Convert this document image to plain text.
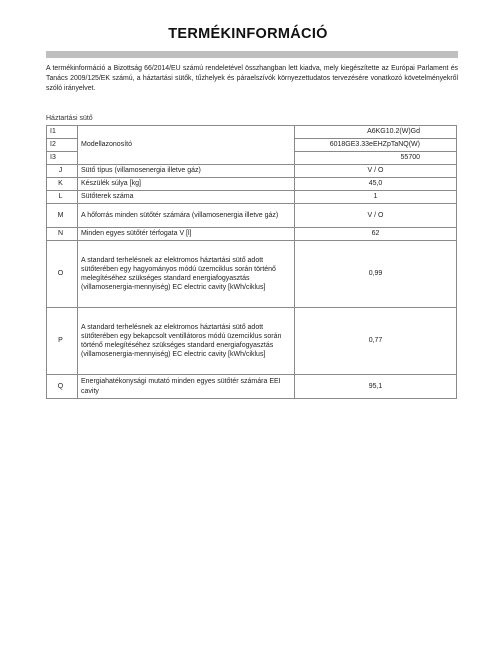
TERMÉKINFORMÁCIÓ
A termékinformáció a Bizottság 66/2014/EU számú rendeletével összhangban lett kiadva, mely kiegészítette az Európai Parlament és Tanács 2009/125/EK számú, a háztartási sütők, tűzhelyek és páraelszívók környezettudatos tervezésére vonatkozó követelményekről szóló irányelvet.
Háztartási sütő
I1	Modellazonosító	A6KG10.2(W)Gd
I2		6018GE3.33eEHZpTaNQ(W)
I3		55700
J	Sütő típus (villamosenergia illetve gáz)	V / O
K	Készülék súlya [kg]	45,0
L	Sütőterek száma	1
M	A hőforrás minden sütőtér számára (villamosenergia illetve gáz)	V / O
N	Minden egyes sütőtér térfogata V [l]	62
O	A standard terhelésnek az elektromos háztartási sütő adott sütőterében egy hagyományos módú üzemciklus során történő melegítéséhez szükséges standard energiafogyasztás (villamosenergia-mennyiség) EC electric cavity [kWh/ciklus]	0,99
P	A standard terhelésnek az elektromos háztartási sütő adott sütőterében egy bekapcsolt ventillátoros módú üzemciklus során történő melegítéséhez szükséges standard energiafogyasztás (villamosenergia-mennyiség) EC electric cavity [kWh/ciklus]	0,77
Q	Energiahatékonysági mutató minden egyes sütőtér számára EEI cavity	95,1
